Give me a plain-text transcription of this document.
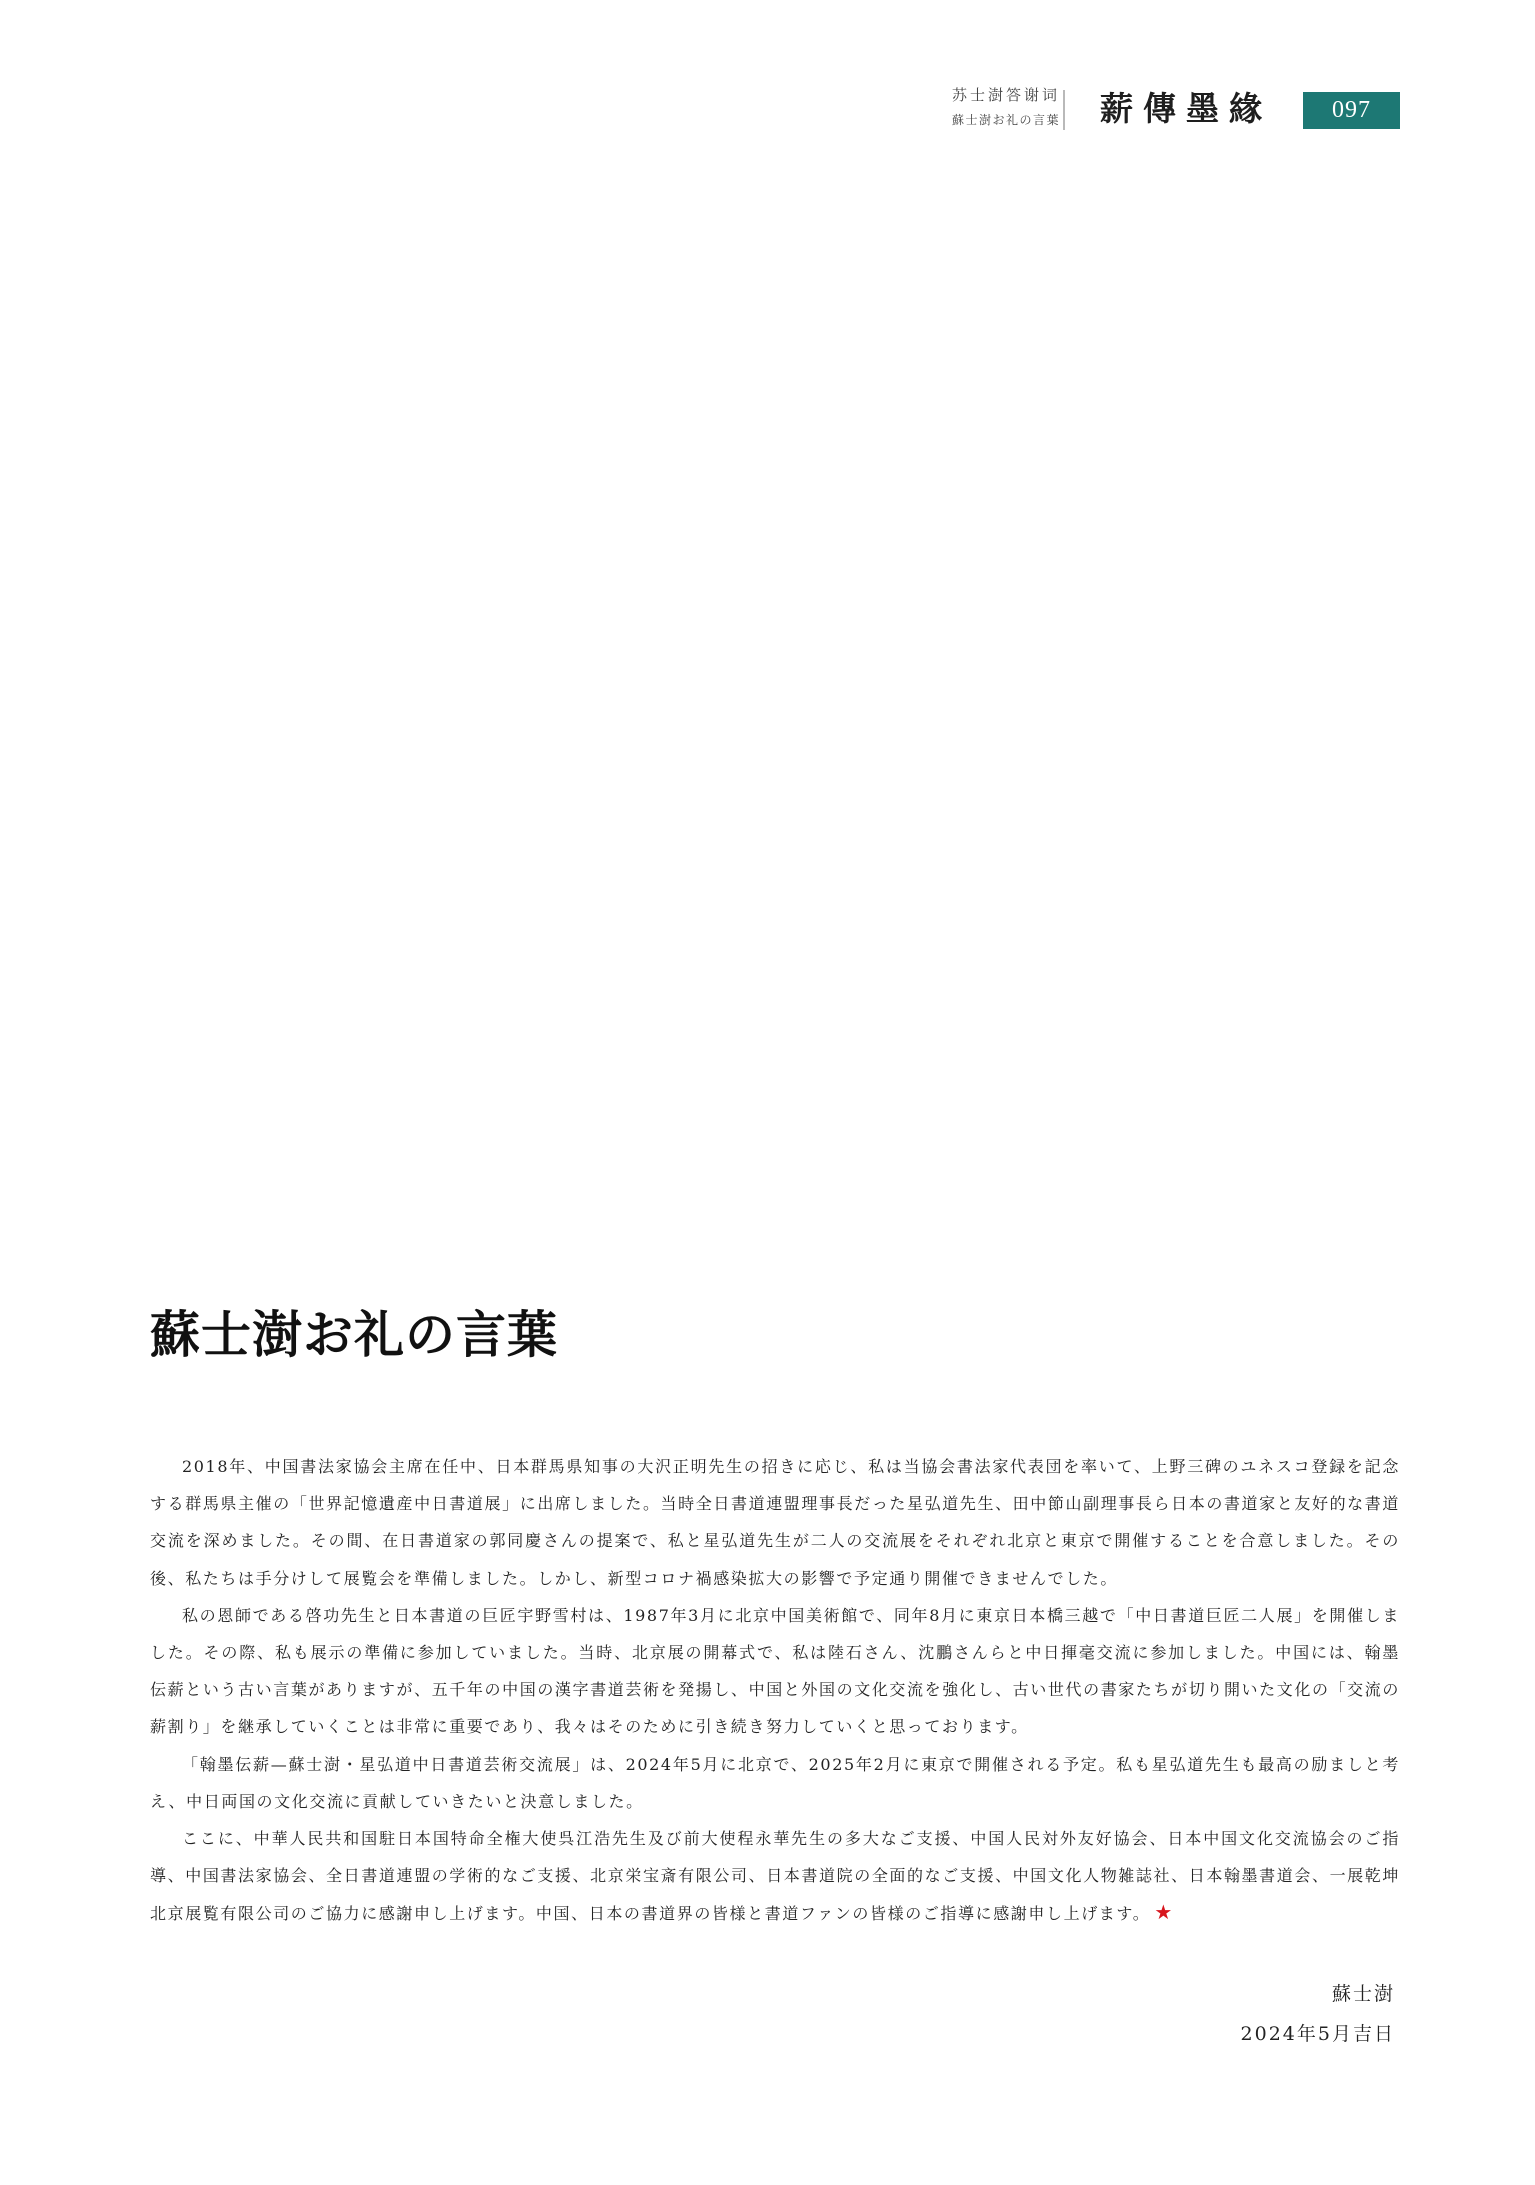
苏士澍答谢词
蘇士澍お礼の言葉 薪傳墨緣	097
蘇士澍お礼の言葉

2018年、中国書法家協会主席在任中、日本群馬県知事の大沢正明先生の招きに応じ、私は当協会書法家代表団を率いて、上野三碑のユネスコ登録を記念する群馬県主催の「世界記憶遺産中日書道展」に出席しました。当時全日書道連盟理事長だった星弘道先生、田中節山副理事長ら日本の書道家と友好的な書道交流を深めました。その間、在日書道家の郭同慶さんの提案で、私と星弘道先生が二人の交流展をそれぞれ北京と東京で開催することを合意しました。その後、私たちは手分けして展覧会を準備しました。しかし、新型コロナ禍感染拡大の影響で予定通り開催できませんでした。

私の恩師である啓功先生と日本書道の巨匠宇野雪村は、1987年3月に北京中国美術館で、同年8月に東京日本橋三越で「中日書道巨匠二人展」を開催しました。その際、私も展示の準備に参加していました。当時、北京展の開幕式で、私は陸石さん、沈鵬さんらと中日揮毫交流に参加しました。中国には、翰墨伝薪という古い言葉がありますが、五千年の中国の漢字書道芸術を発揚し、中国と外国の文化交流を強化し、古い世代の書家たちが切り開いた文化の「交流の薪割り」を継承していくことは非常に重要であり、我々はそのために引き続き努力していくと思っております。

「翰墨伝薪—蘇士澍・星弘道中日書道芸術交流展」は、2024年5月に北京で、2025年2月に東京で開催される予定。私も星弘道先生も最高の励ましと考え、中日両国の文化交流に貢献していきたいと決意しました。

ここに、中華人民共和国駐日本国特命全権大使呉江浩先生及び前大使程永華先生の多大なご支援、中国人民対外友好協会、日本中国文化交流協会のご指導、中国書法家協会、全日書道連盟の学術的なご支援、北京栄宝斎有限公司、日本書道院の全面的なご支援、中国文化人物雑誌社、日本翰墨書道会、一展乾坤北京展覧有限公司のご協力に感謝申し上げます。中国、日本の書道界の皆様と書道ファンの皆様のご指導に感謝申し上げます。 ★

蘇士澍
2024年5月吉日
